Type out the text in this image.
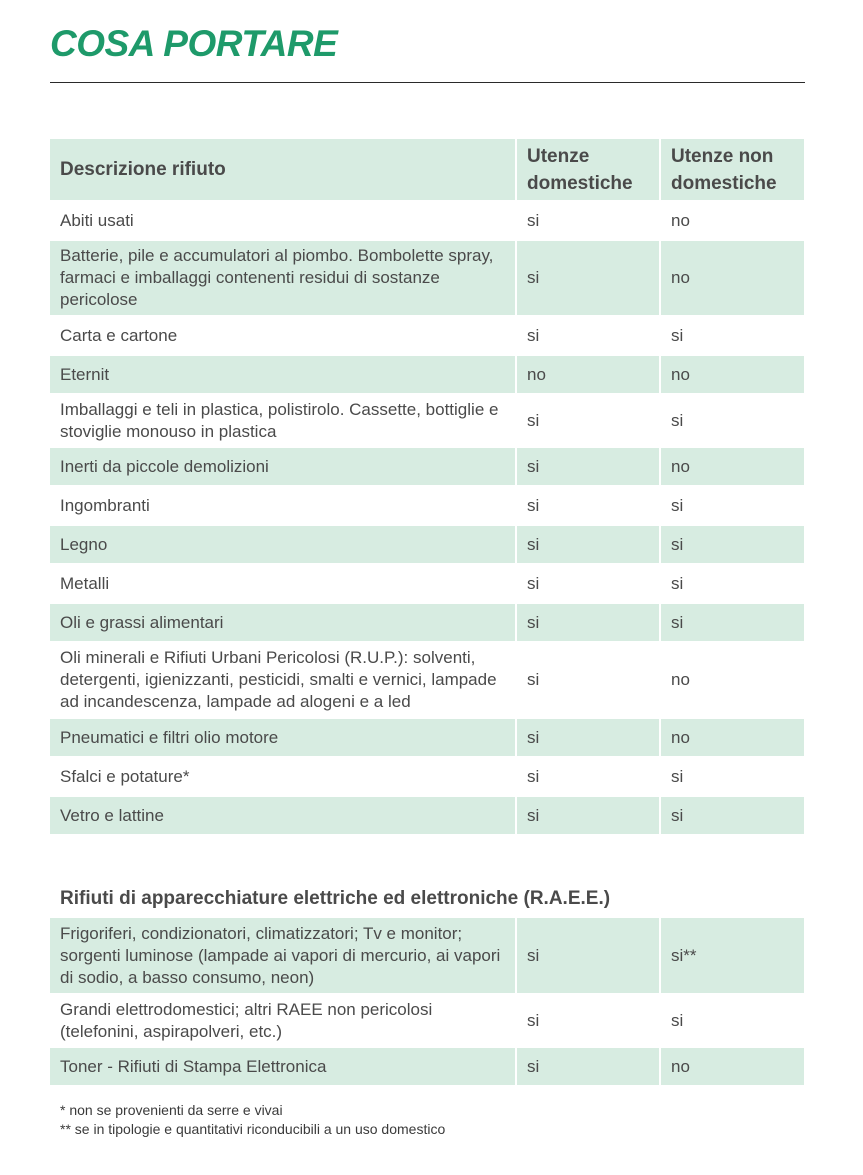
COSA PORTARE
Descrizione rifiuto	Utenze domestiche	Utenze non domestiche
Abiti usati	si	no
Batterie, pile e accumulatori al piombo. Bombolette spray, farmaci e imballaggi contenenti residui di sostanze pericolose	si	no
Carta e cartone	si	si
Eternit	no	no
Imballaggi e teli in plastica, polistirolo. Cassette, bottiglie e stoviglie monouso in plastica	si	si
Inerti da piccole demolizioni	si	no
Ingombranti	si	si
Legno	si	si
Metalli	si	si
Oli e grassi alimentari	si	si
Oli minerali e Rifiuti Urbani Pericolosi (R.U.P.): solventi, detergenti, igienizzanti, pesticidi, smalti e vernici, lampade ad incandescenza, lampade ad alogeni e a led	si	no
Pneumatici e filtri olio motore	si	no
Sfalci e potature*	si	si
Vetro e lattine	si	si
Rifiuti di apparecchiature elettriche ed elettroniche (R.A.E.E.)
Frigoriferi, condizionatori, climatizzatori; Tv e monitor; sorgenti luminose (lampade ai vapori di mercurio, ai vapori di sodio, a basso consumo, neon)	si	si**
Grandi elettrodomestici; altri RAEE non pericolosi (telefonini, aspirapolveri, etc.)	si	si
Toner - Rifiuti di Stampa Elettronica	si	no
* non se provenienti da serre e vivai
** se in tipologie e quantitativi riconducibili a un uso domestico
